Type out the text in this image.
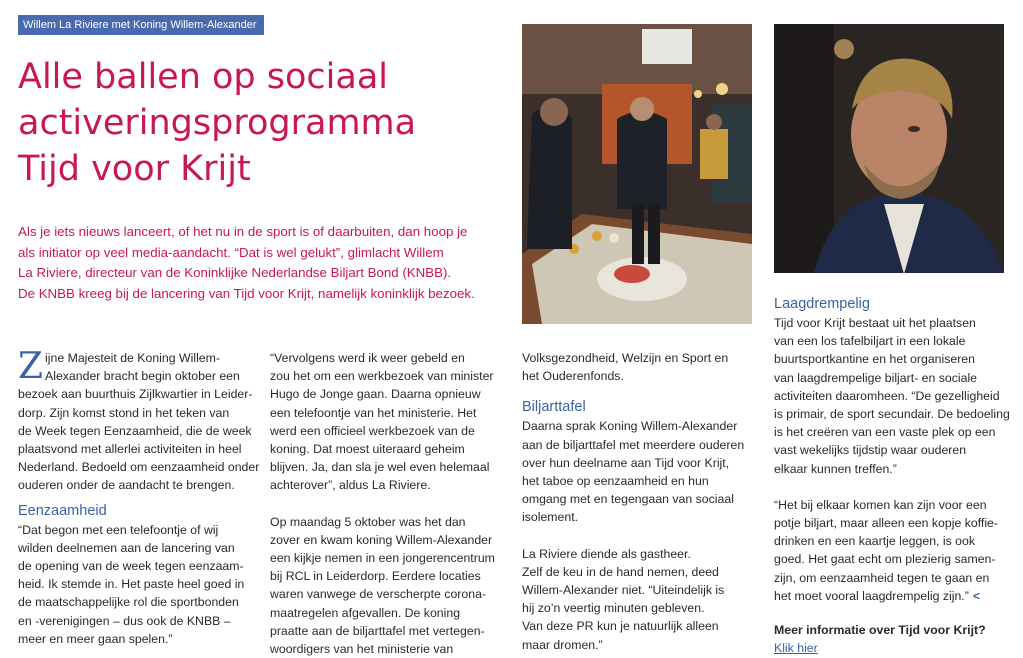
Willem La Riviere met Koning Willem-Alexander
Alle ballen op sociaal
activeringsprogramma
Tijd voor Krijt
Als je iets nieuws lanceert, of het nu in de sport is of daarbuiten, dan hoop je
als initiator op veel media-aandacht. “Dat is wel gelukt”, glimlacht Willem
La Riviere, directeur van de Koninklijke Nederlandse Biljart Bond (KNBB).
De KNBB kreeg bij de lancering van Tijd voor Krijt, namelijk koninklijk bezoek.

Z ijne Majesteit de Koning Willem-
Alexander bracht begin oktober een
bezoek aan buurthuis Zijlkwartier in Leider-
dorp. Zijn komst stond in het teken van
de Week tegen Eenzaamheid, die de week
plaatsvond met allerlei activiteiten in heel
Nederland. Bedoeld om eenzaamheid onder
ouderen onder de aandacht te brengen.

Eenzaamheid

“Dat begon met een telefoontje of wij
wilden deelnemen aan de lancering van
de opening van de week tegen eenzaam-
heid. Ik stemde in. Het paste heel goed in
de maatschappelijke rol die sportbonden
en -verenigingen – dus ook de KNBB –
meer en meer gaan spelen.”

“Vervolgens werd ik weer gebeld en
zou het om een werkbezoek van minister
Hugo de Jonge gaan. Daarna opnieuw
een telefoontje van het ministerie. Het
werd een officieel werkbezoek van de
koning. Dat moest uiteraard geheim
blijven. Ja, dan sla je wel even helemaal
achterover”, aldus La Riviere.

Op maandag 5 oktober was het dan
zover en kwam koning Willem-Alexander
een kijkje nemen in een jongerencentrum
bij RCL in Leiderdorp. Eerdere locaties
waren vanwege de verscherpte corona-
maatregelen afgevallen. De koning
praatte aan de biljarttafel met vertegen-
woordigers van het ministerie van

Volksgezondheid, Welzijn en Sport en
het Ouderenfonds.

Biljarttafel

Daarna sprak Koning Willem-Alexander
aan de biljarttafel met meerdere ouderen
over hun deelname aan Tijd voor Krijt,
het taboe op eenzaamheid en hun
omgang met en tegengaan van sociaal
isolement.

La Riviere diende als gastheer.
Zelf de keu in de hand nemen, deed
Willem-Alexander niet. “Uiteindelijk is
hij zo’n veertig minuten gebleven.
Van deze PR kun je natuurlijk alleen
maar dromen.”

Laagdrempelig

Tijd voor Krijt bestaat uit het plaatsen
van een los tafelbiljart in een lokale
buurtsportkantine en het organiseren
van laagdrempelige biljart- en sociale
activiteiten daaromheen. “De gezelligheid
is primair, de sport secundair. De bedoeling
is het creëren van een vaste plek op een
vast wekelijks tijdstip waar ouderen
elkaar kunnen treffen.”

“Het bij elkaar komen kan zijn voor een
potje biljart, maar alleen een kopje koffie-
drinken en een kaartje leggen, is ook
goed. Het gaat echt om plezierig samen-
zijn, om eenzaamheid tegen te gaan en
het moet vooral laagdrempelig zijn.” <

Meer informatie over Tijd voor Krijt?
Klik hier
